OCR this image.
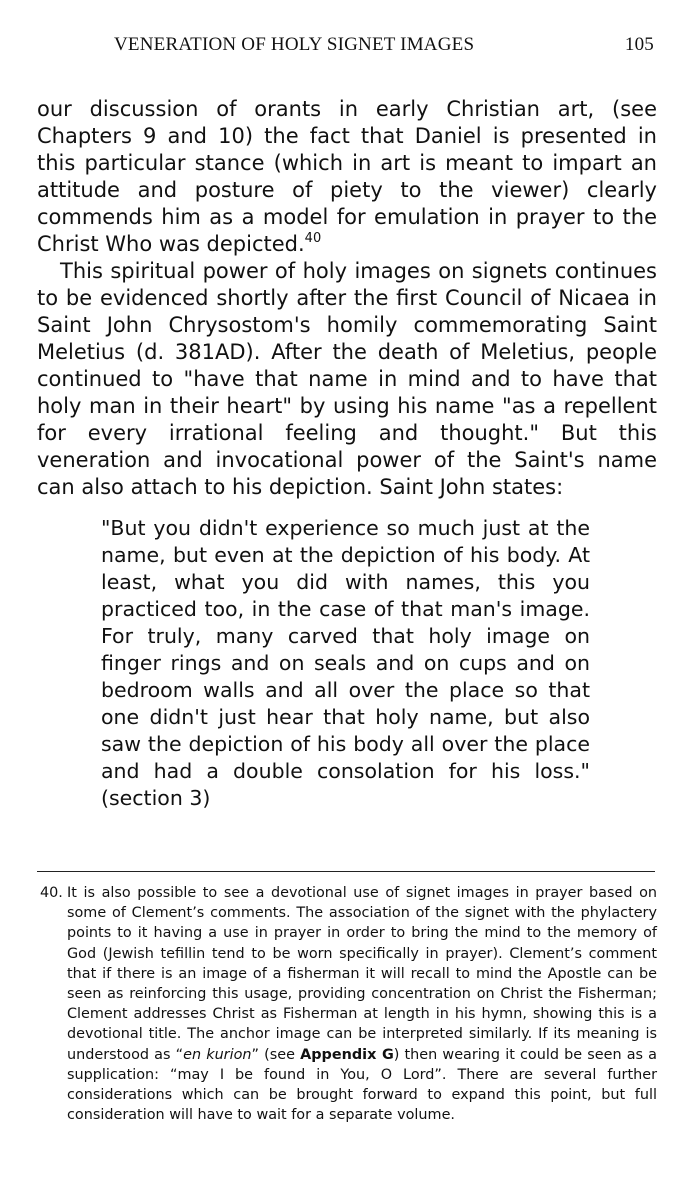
VENERATION OF HOLY SIGNET IMAGES	105

our discussion of orants in early Christian art, (see Chapters 9 and 10) the fact that Daniel is presented in this particular stance (which in art is meant to impart an attitude and posture of piety to the viewer) clearly commends him as a model for emulation in prayer to the Christ Who was depicted.$^{40}$

This spiritual power of holy images on signets continues to be evidenced shortly after the first Council of Nicaea in Saint John Chrysostom's homily commemorating Saint Meletius (d. 381AD). After the death of Meletius, people continued to "have that name in mind and to have that holy man in their heart" by using his name "as a repellent for every irrational feeling and thought." But this veneration and invocational power of the Saint's name can also attach to his depiction. Saint John states:

"But you didn't experience so much just at the name, but even at the depiction of his body. At least, what you did with names, this you practiced too, in the case of that man's image. For truly, many carved that holy image on finger rings and on seals and on cups and on bedroom walls and all over the place so that one didn't just hear that holy name, but also saw the depiction of his body all over the place and had a double consolation for his loss." (section 3)

40. It is also possible to see a devotional use of signet images in prayer based on some of Clement’s comments. The association of the signet with the phylactery points to it having a use in prayer in order to bring the mind to the memory of God (Jewish tefillin tend to be worn specifically in prayer). Clement’s comment that if there is an image of a fisherman it will recall to mind the Apostle can be seen as reinforcing this usage, providing concentration on Christ the Fisherman; Clement addresses Christ as Fisherman at length in his hymn, showing this is a devotional title. The anchor image can be interpreted similarly. If its meaning is understood as “en kurion” (see Appendix G) then wearing it could be seen as a supplication: “may I be found in You, O Lord”. There are several further considerations which can be brought forward to expand this point, but full consideration will have to wait for a separate volume.
